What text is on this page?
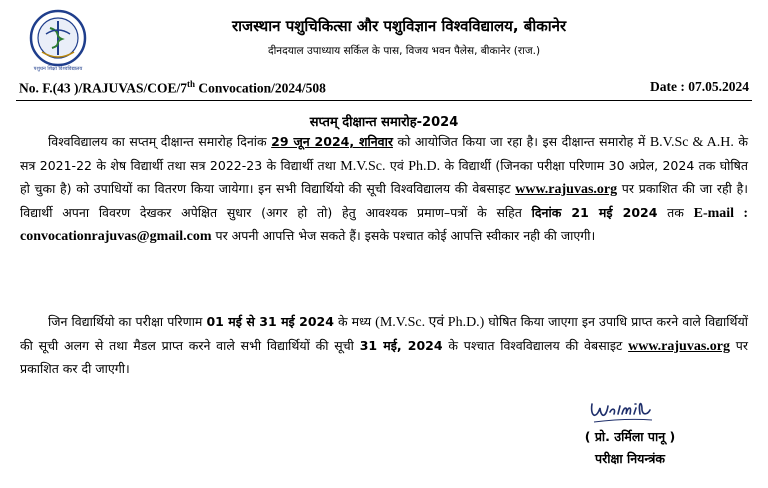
पशुधन शिक्षा विश्वविद्यालय
राजस्थान पशुचिकित्सा और पशुविज्ञान विश्वविद्यालय, बीकानेर
दीनदयाल उपाध्याय सर्किल के पास, विजय भवन पैलेस, बीकानेर (राज.)
No. F.(43 )/RAJUVAS/COE/7th Convocation/2024/508	Date : 07.05.2024
सप्तम् दीक्षान्त समारोह-2024
विश्वविद्यालय का सप्तम् दीक्षान्त समारोह दिनांक 29 जून 2024, शनिवार को आयोजित किया जा रहा है। इस दीक्षान्त समारोह में B.V.Sc & A.H. के सत्र 2021-22 के शेष विद्यार्थी तथा सत्र 2022-23 के विद्यार्थी तथा M.V.Sc. एवं Ph.D. के विद्यार्थी (जिनका परीक्षा परिणाम 30 अप्रेल, 2024 तक घोषित हो चुका है) को उपाधियों का वितरण किया जायेगा। इन सभी विद्यार्थियो की सूची विश्वविद्यालय की वेबसाइट www.rajuvas.org पर प्रकाशित की जा रही है। विद्यार्थी अपना विवरण देखकर अपेक्षित सुधार (अगर हो तो) हेतु आवश्यक प्रमाण–पत्रों के सहित दिनांक 21 मई 2024 तक E-mail : convocationrajuvas@gmail.com पर अपनी आपत्ति भेज सकते हैं। इसके पश्चात कोई आपत्ति स्वीकार नही की जाएगी।
जिन विद्यार्थियो का परीक्षा परिणाम 01 मई से 31 मई 2024 के मध्य (M.V.Sc. एवं Ph.D.) घोषित किया जाएगा इन उपाधि प्राप्त करने वाले विद्यार्थियों की सूची अलग से तथा मैडल प्राप्त करने वाले सभी विद्यार्थियों की सूची 31 मई, 2024 के पश्चात विश्वविद्यालय की वेबसाइट www.rajuvas.org पर प्रकाशित कर दी जाएगी।
( प्रो. उर्मिला पानू )
परीक्षा नियन्त्रंक
